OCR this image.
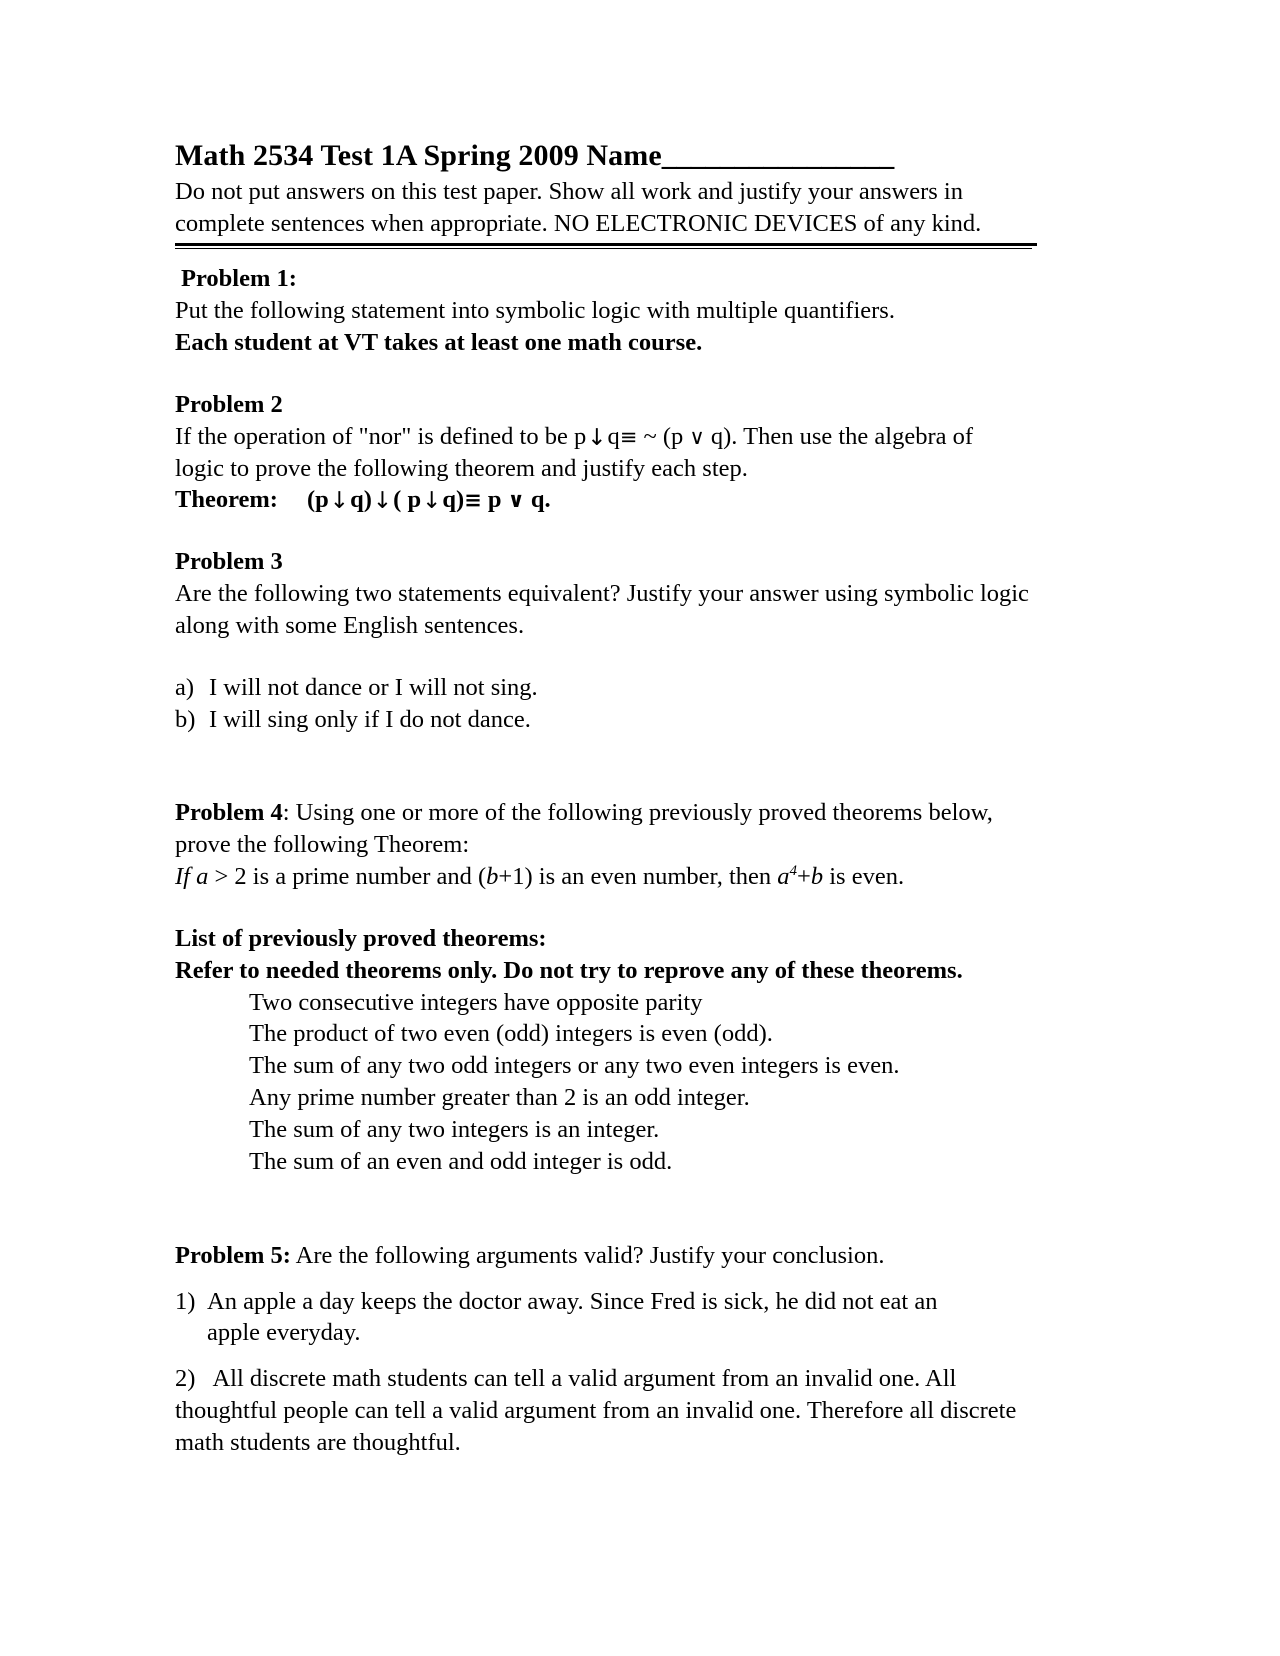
Math 2534 Test 1A Spring 2009 Name________________
Do not put answers on this test paper. Show all work and justify your answers in
complete sentences when appropriate. NO ELECTRONIC DEVICES of any kind.
Problem 1:
Put the following statement into symbolic logic with multiple quantifiers.
Each student at VT takes at least one math course.
Problem 2
If the operation of "nor" is defined to be p↓q≡ ~ (p ∨ q). Then use the algebra of
logic to prove the following theorem and justify each step.
Theorem: (p↓q)↓( p↓q)≡ p ∨ q.
Problem 3
Are the following two statements equivalent? Justify your answer using symbolic logic
along with some English sentences.
a) I will not dance or I will not sing.
b) I will sing only if I do not dance.
Problem 4: Using one or more of the following previously proved theorems below,
prove the following Theorem:
If a > 2 is a prime number and (b+1) is an even number, then $a^4+b$ is even.
List of previously proved theorems:
Refer to needed theorems only. Do not try to reprove any of these theorems.
Two consecutive integers have opposite parity
The product of two even (odd) integers is even (odd).
The sum of any two odd integers or any two even integers is even.
Any prime number greater than 2 is an odd integer.
The sum of any two integers is an integer.
The sum of an even and odd integer is odd.
Problem 5: Are the following arguments valid? Justify your conclusion.
1) An apple a day keeps the doctor away. Since Fred is sick, he did not eat an
apple everyday.
2) All discrete math students can tell a valid argument from an invalid one. All
thoughtful people can tell a valid argument from an invalid one. Therefore all discrete
math students are thoughtful.
